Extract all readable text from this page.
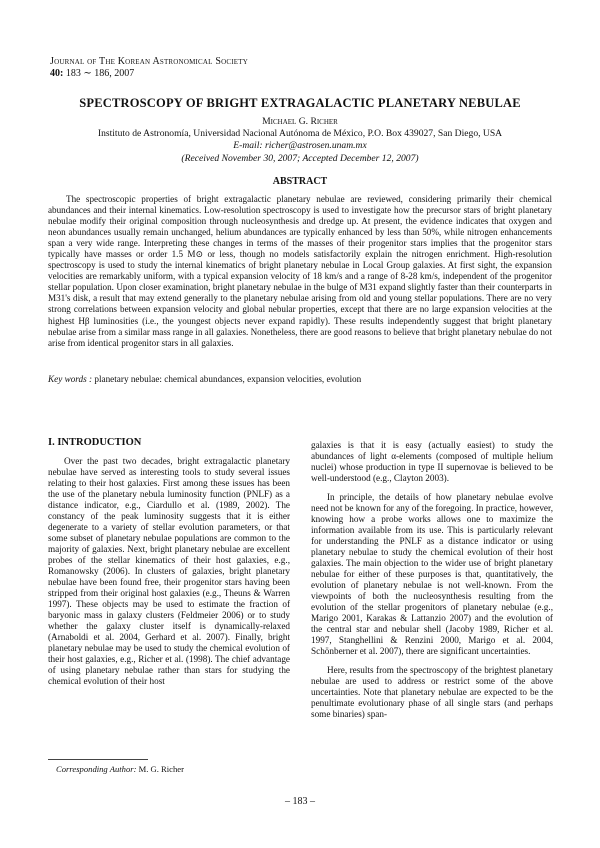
Journal of The Korean Astronomical Society
40: 183 ∼ 186, 2007
SPECTROSCOPY OF BRIGHT EXTRAGALACTIC PLANETARY NEBULAE
Michael G. Richer
Instituto de Astronomía, Universidad Nacional Autónoma de México, P.O. Box 439027, San Diego, USA
E-mail: richer@astrosen.unam.mx
(Received November 30, 2007; Accepted December 12, 2007)
ABSTRACT

The spectroscopic properties of bright extragalactic planetary nebulae are reviewed, considering primarily their chemical abundances and their internal kinematics. Low-resolution spectroscopy is used to investigate how the precursor stars of bright planetary nebulae modify their original composition through nucleosynthesis and dredge up. At present, the evidence indicates that oxygen and neon abundances usually remain unchanged, helium abundances are typically enhanced by less than 50%, while nitrogen enhancements span a very wide range. Interpreting these changes in terms of the masses of their progenitor stars implies that the progenitor stars typically have masses or order 1.5 M⊙ or less, though no models satisfactorily explain the nitrogen enrichment. High-resolution spectroscopy is used to study the internal kinematics of bright planetary nebulae in Local Group galaxies. At first sight, the expansion velocities are remarkably uniform, with a typical expansion velocity of 18 km/s and a range of 8-28 km/s, independent of the progenitor stellar population. Upon closer examination, bright planetary nebulae in the bulge of M31 expand slightly faster than their counterparts in M31's disk, a result that may extend generally to the planetary nebulae arising from old and young stellar populations. There are no very strong correlations between expansion velocity and global nebular properties, except that there are no large expansion velocities at the highest Hβ luminosities (i.e., the youngest objects never expand rapidly). These results independently suggest that bright planetary nebulae arise from a similar mass range in all galaxies. Nonetheless, there are good reasons to believe that bright planetary nebulae do not arise from identical progenitor stars in all galaxies.

Key words : planetary nebulae: chemical abundances, expansion velocities, evolution

I. INTRODUCTION

Over the past two decades, bright extragalactic planetary nebulae have served as interesting tools to study several issues relating to their host galaxies. First among these issues has been the use of the planetary nebula luminosity function (PNLF) as a distance indicator, e.g., Ciardullo et al. (1989, 2002). The constancy of the peak luminosity suggests that it is either degenerate to a variety of stellar evolution parameters, or that some subset of planetary nebulae populations are common to the majority of galaxies. Next, bright planetary nebulae are excellent probes of the stellar kinematics of their host galaxies, e.g., Romanowsky (2006). In clusters of galaxies, bright planetary nebulae have been found free, their progenitor stars having been stripped from their original host galaxies (e.g., Theuns & Warren 1997). These objects may be used to estimate the fraction of baryonic mass in galaxy clusters (Feldmeier 2006) or to study whether the galaxy cluster itself is dynamically-relaxed (Arnaboldi et al. 2004, Gerhard et al. 2007). Finally, bright planetary nebulae may be used to study the chemical evolution of their host galaxies, e.g., Richer et al. (1998). The chief advantage of using planetary nebulae rather than stars for studying the chemical evolution of their host

galaxies is that it is easy (actually easiest) to study the abundances of light α-elements (composed of multiple helium nuclei) whose production in type II supernovae is believed to be well-understood (e.g., Clayton 2003).

In principle, the details of how planetary nebulae evolve need not be known for any of the foregoing. In practice, however, knowing how a probe works allows one to maximize the information available from its use. This is particularly relevant for understanding the PNLF as a distance indicator or using planetary nebulae to study the chemical evolution of their host galaxies. The main objection to the wider use of bright planetary nebulae for either of these purposes is that, quantitatively, the evolution of planetary nebulae is not well-known. From the viewpoints of both the nucleosynthesis resulting from the evolution of the stellar progenitors of planetary nebulae (e.g., Marigo 2001, Karakas & Lattanzio 2007) and the evolution of the central star and nebular shell (Jacoby 1989, Richer et al. 1997, Stanghellini & Renzini 2000, Marigo et al. 2004, Schönberner et al. 2007), there are significant uncertainties.

Here, results from the spectroscopy of the brightest planetary nebulae are used to address or restrict some of the above uncertainties. Note that planetary nebulae are expected to be the penultimate evolutionary phase of all single stars (and perhaps some binaries) span-

Corresponding Author: M. G. Richer
– 183 –
